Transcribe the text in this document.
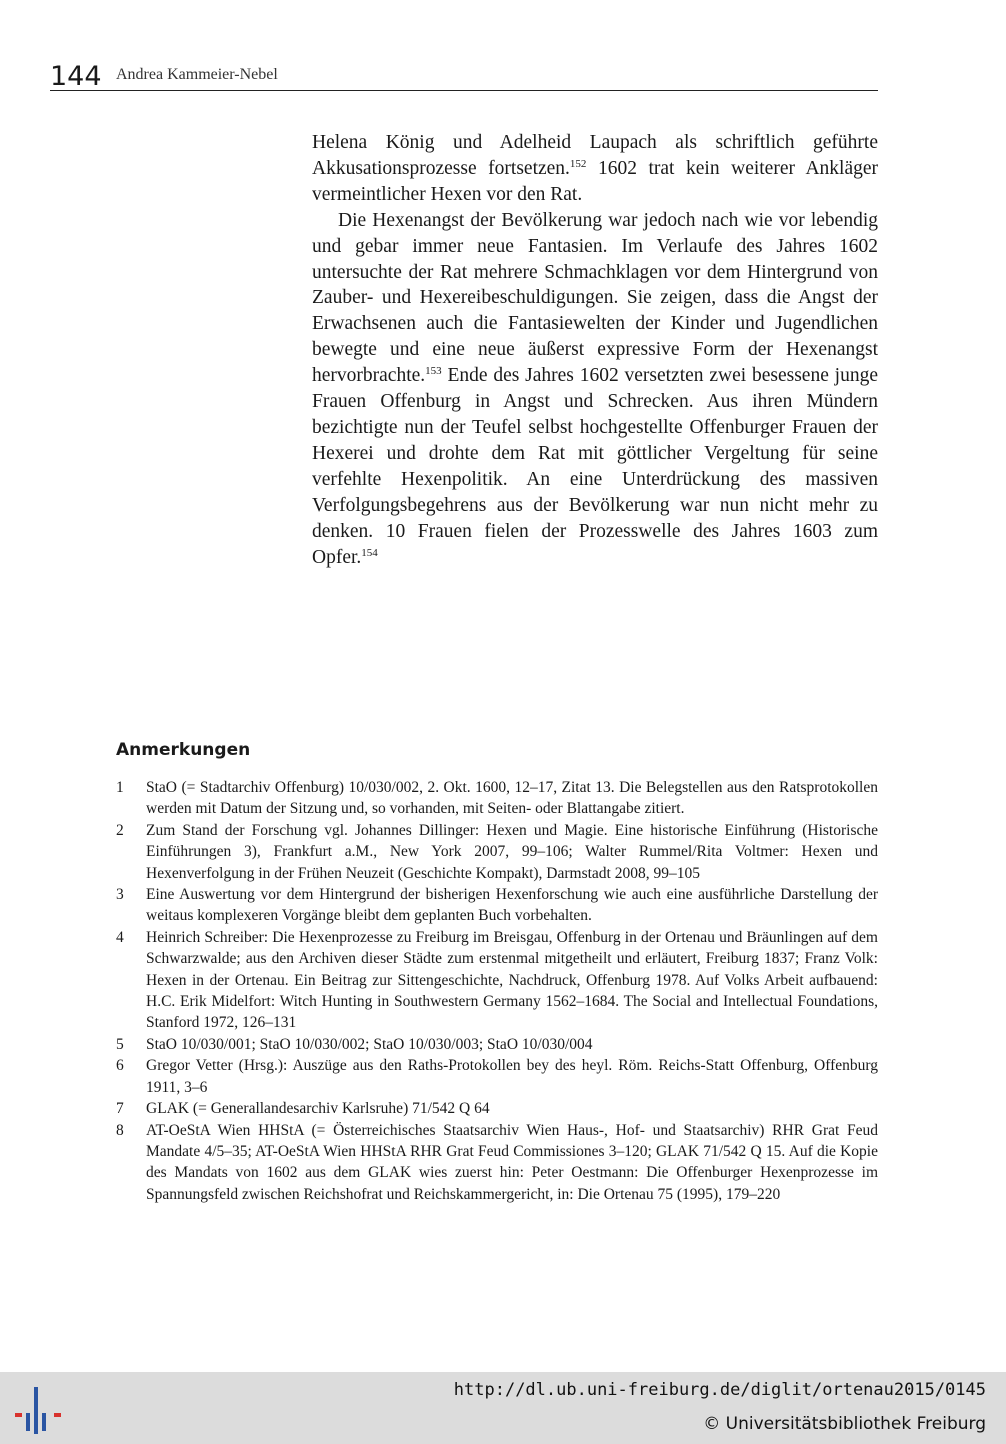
144 Andrea Kammeier-Nebel

Helena König und Adelheid Laupach als schriftlich geführte Akkusationsprozesse fortsetzen.$^{152}$ 1602 trat kein weiterer Ankläger vermeintlicher Hexen vor den Rat.

Die Hexenangst der Bevölkerung war jedoch nach wie vor lebendig und gebar immer neue Fantasien. Im Verlaufe des Jahres 1602 untersuchte der Rat mehrere Schmachklagen vor dem Hintergrund von Zauber- und Hexereibeschuldigungen. Sie zeigen, dass die Angst der Erwachsenen auch die Fantasiewelten der Kinder und Jugendlichen bewegte und eine neue äußerst expressive Form der Hexenangst hervorbrachte.$^{153}$ Ende des Jahres 1602 versetzten zwei besessene junge Frauen Offenburg in Angst und Schrecken. Aus ihren Mündern bezichtigte nun der Teufel selbst hochgestellte Offenburger Frauen der Hexerei und drohte dem Rat mit göttlicher Vergeltung für seine verfehlte Hexenpolitik. An eine Unterdrückung des massiven Verfolgungsbegehrens aus der Bevölkerung war nun nicht mehr zu denken. 10 Frauen fielen der Prozesswelle des Jahres 1603 zum Opfer.$^{154}$

Anmerkungen
1	StaO (= Stadtarchiv Offenburg) 10/030/002, 2. Okt. 1600, 12–17, Zitat 13. Die Belegstellen aus den Ratsprotokollen werden mit Datum der Sitzung und, so vorhanden, mit Seiten- oder Blattangabe zitiert.
2	Zum Stand der Forschung vgl. Johannes Dillinger: Hexen und Magie. Eine historische Einführung (Historische Einführungen 3), Frankfurt a.M., New York 2007, 99–106; Walter Rummel/Rita Voltmer: Hexen und Hexenverfolgung in der Frühen Neuzeit (Geschichte Kompakt), Darmstadt 2008, 99–105
3	Eine Auswertung vor dem Hintergrund der bisherigen Hexenforschung wie auch eine ausführliche Darstellung der weitaus komplexeren Vorgänge bleibt dem geplanten Buch vorbehalten.
4	Heinrich Schreiber: Die Hexenprozesse zu Freiburg im Breisgau, Offenburg in der Ortenau und Bräunlingen auf dem Schwarzwalde; aus den Archiven dieser Städte zum erstenmal mitgetheilt und erläutert, Freiburg 1837; Franz Volk: Hexen in der Ortenau. Ein Beitrag zur Sittengeschichte, Nachdruck, Offenburg 1978. Auf Volks Arbeit aufbauend: H.C. Erik Midelfort: Witch Hunting in Southwestern Germany 1562–1684. The Social and Intellectual Foundations, Stanford 1972, 126–131
5	StaO 10/030/001; StaO 10/030/002; StaO 10/030/003; StaO 10/030/004
6	Gregor Vetter (Hrsg.): Auszüge aus den Raths-Protokollen bey des heyl. Röm. Reichs-Statt Offenburg, Offenburg 1911, 3–6
7	GLAK (= Generallandesarchiv Karlsruhe) 71/542 Q 64
8	AT-OeStA Wien HHStA (= Österreichisches Staatsarchiv Wien Haus-, Hof- und Staatsarchiv) RHR Grat Feud Mandate 4/5–35; AT-OeStA Wien HHStA RHR Grat Feud Commissiones 3–120; GLAK 71/542 Q 15. Auf die Kopie des Mandats von 1602 aus dem GLAK wies zuerst hin: Peter Oestmann: Die Offenburger Hexenprozesse im Spannungsfeld zwischen Reichshofrat und Reichskammergericht, in: Die Ortenau 75 (1995), 179–220
http://dl.ub.uni-freiburg.de/diglit/ortenau2015/0145
© Universitätsbibliothek Freiburg
